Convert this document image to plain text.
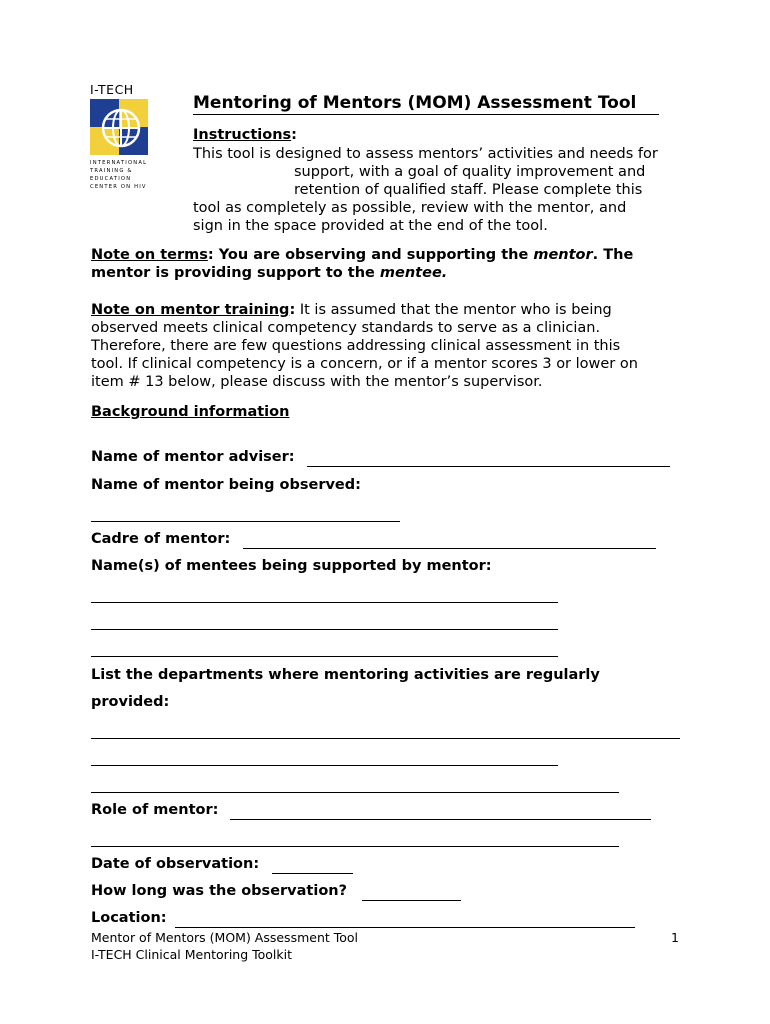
I-TECH
INTERNATIONAL
TRAINING &
EDUCATION
CENTER ON HIV
Mentoring of Mentors (MOM) Assessment Tool
Instructions:
This tool is designed to assess mentors’ activities and needs for
support, with a goal of quality improvement and
retention of qualified staff. Please complete this
tool as completely as possible, review with the mentor, and
sign in the space provided at the end of the tool.
Note on terms: You are observing and supporting the mentor. The
mentor is providing support to the mentee.
Note on mentor training: It is assumed that the mentor who is being
observed meets clinical competency standards to serve as a clinician.
Therefore, there are few questions addressing clinical assessment in this
tool. If clinical competency is a concern, or if a mentor scores 3 or lower on
item # 13 below, please discuss with the mentor’s supervisor.
Background information
Name of mentor adviser:
Name of mentor being observed:
Cadre of mentor:
Name(s) of mentees being supported by mentor:
List the departments where mentoring activities are regularly
provided:
Role of mentor:
Date of observation:
How long was the observation?
Location:
Mentor of Mentors (MOM) Assessment Tool
I-TECH Clinical Mentoring Toolkit
1
